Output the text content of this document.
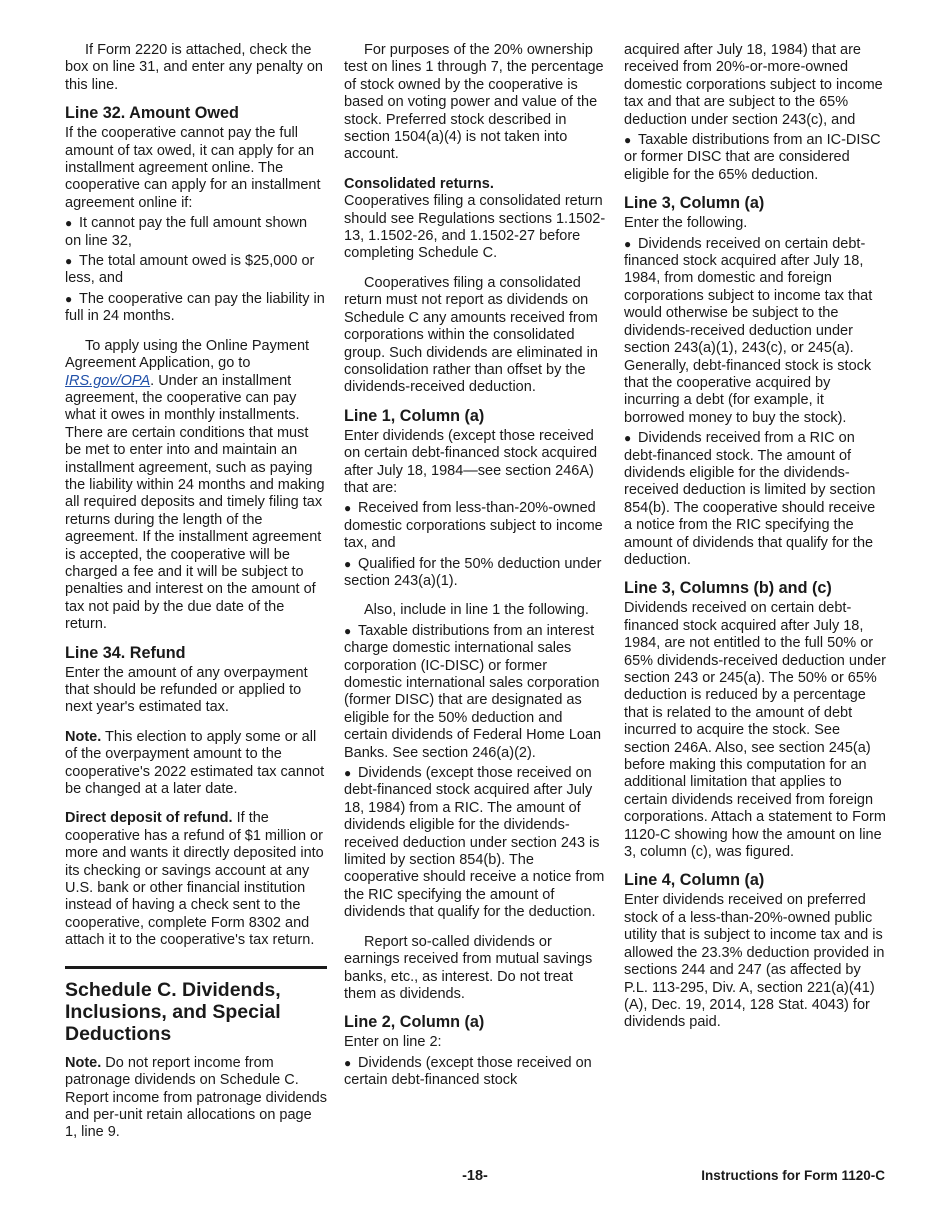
If Form 2220 is attached, check the box on line 31, and enter any penalty on this line.

Line 32. Amount Owed

If the cooperative cannot pay the full amount of tax owed, it can apply for an installment agreement online. The cooperative can apply for an installment agreement online if:

● It cannot pay the full amount shown on line 32,
● The total amount owed is $25,000 or less, and
● The cooperative can pay the liability in full in 24 months.

To apply using the Online Payment Agreement Application, go to IRS.gov/OPA. Under an installment agreement, the cooperative can pay what it owes in monthly installments. There are certain conditions that must be met to enter into and maintain an installment agreement, such as paying the liability within 24 months and making all required deposits and timely filing tax returns during the length of the agreement. If the installment agreement is accepted, the cooperative will be charged a fee and it will be subject to penalties and interest on the amount of tax not paid by the due date of the return.

Line 34. Refund

Enter the amount of any overpayment that should be refunded or applied to next year's estimated tax.

Note. This election to apply some or all of the overpayment amount to the cooperative's 2022 estimated tax cannot be changed at a later date.

Direct deposit of refund. If the cooperative has a refund of $1 million or more and wants it directly deposited into its checking or savings account at any U.S. bank or other financial institution instead of having a check sent to the cooperative, complete Form 8302 and attach it to the cooperative's tax return.

Schedule C. Dividends, Inclusions, and Special Deductions

Note. Do not report income from patronage dividends on Schedule C. Report income from patronage dividends and per-unit retain allocations on page 1, line 9.

For purposes of the 20% ownership test on lines 1 through 7, the percentage of stock owned by the cooperative is based on voting power and value of the stock. Preferred stock described in section 1504(a)(4) is not taken into account.

Consolidated returns.

Cooperatives filing a consolidated return should see Regulations sections 1.1502-13, 1.1502-26, and 1.1502-27 before completing Schedule C.

Cooperatives filing a consolidated return must not report as dividends on Schedule C any amounts received from corporations within the consolidated group. Such dividends are eliminated in consolidation rather than offset by the dividends-received deduction.

Line 1, Column (a)

Enter dividends (except those received on certain debt-financed stock acquired after July 18, 1984—see section 246A) that are:

● Received from less-than-20%-owned domestic corporations subject to income tax, and
● Qualified for the 50% deduction under section 243(a)(1).

Also, include in line 1 the following.

● Taxable distributions from an interest charge domestic international sales corporation (IC-DISC) or former domestic international sales corporation (former DISC) that are designated as eligible for the 50% deduction and certain dividends of Federal Home Loan Banks. See section 246(a)(2).
● Dividends (except those received on debt-financed stock acquired after July 18, 1984) from a RIC. The amount of dividends eligible for the dividends-received deduction under section 243 is limited by section 854(b). The cooperative should receive a notice from the RIC specifying the amount of dividends that qualify for the deduction.

Report so-called dividends or earnings received from mutual savings banks, etc., as interest. Do not treat them as dividends.

Line 2, Column (a)

Enter on line 2:

● Dividends (except those received on certain debt-financed stock

acquired after July 18, 1984) that are received from 20%-or-more-owned domestic corporations subject to income tax and that are subject to the 65% deduction under section 243(c), and

● Taxable distributions from an IC-DISC or former DISC that are considered eligible for the 65% deduction.
Line 3, Column (a)

Enter the following.

● Dividends received on certain debt-financed stock acquired after July 18, 1984, from domestic and foreign corporations subject to income tax that would otherwise be subject to the dividends-received deduction under section 243(a)(1), 243(c), or 245(a). Generally, debt-financed stock is stock that the cooperative acquired by incurring a debt (for example, it borrowed money to buy the stock).
● Dividends received from a RIC on debt-financed stock. The amount of dividends eligible for the dividends-received deduction is limited by section 854(b). The cooperative should receive a notice from the RIC specifying the amount of dividends that qualify for the deduction.
Line 3, Columns (b) and (c)

Dividends received on certain debt-financed stock acquired after July 18, 1984, are not entitled to the full 50% or 65% dividends-received deduction under section 243 or 245(a). The 50% or 65% deduction is reduced by a percentage that is related to the amount of debt incurred to acquire the stock. See section 246A. Also, see section 245(a) before making this computation for an additional limitation that applies to certain dividends received from foreign corporations. Attach a statement to Form 1120-C showing how the amount on line 3, column (c), was figured.

Line 4, Column (a)

Enter dividends received on preferred stock of a less-than-20%-owned public utility that is subject to income tax and is allowed the 23.3% deduction provided in sections 244 and 247 (as affected by P.L. 113-295, Div. A, section 221(a)(41)(A), Dec. 19, 2014, 128 Stat. 4043) for dividends paid.

-18-	Instructions for Form 1120-C
